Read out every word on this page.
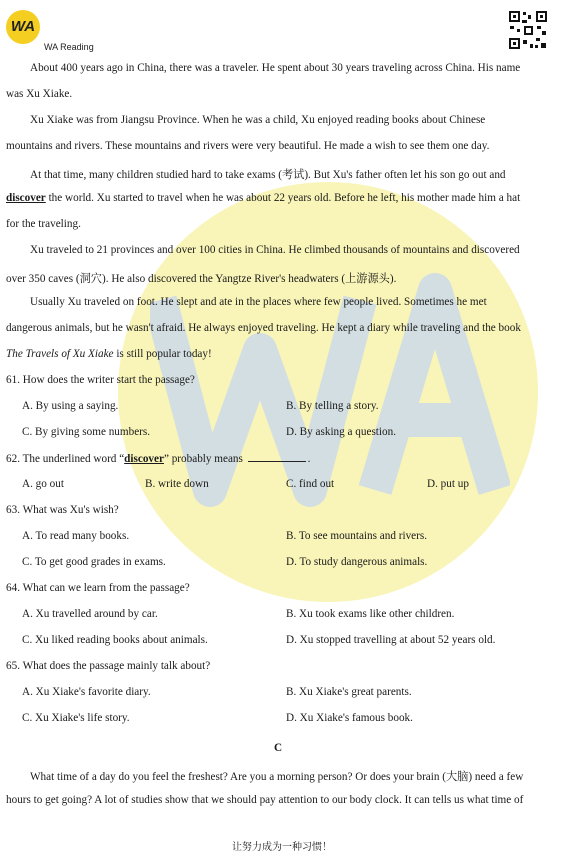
WA
WA Reading
About 400 years ago in China, there was a traveler. He spent about 30 years traveling across China. His name
was Xu Xiake.
Xu Xiake was from Jiangsu Province. When he was a child, Xu enjoyed reading books about Chinese
mountains and rivers. These mountains and rivers were very beautiful. He made a wish to see them one day.
At that time, many children studied hard to take exams (考试). But Xu's father often let his son go out and
discover the world. Xu started to travel when he was about 22 years old. Before he left, his mother made him a hat
for the traveling.
Xu traveled to 21 provinces and over 100 cities in China. He climbed thousands of mountains and discovered
over 350 caves (洞穴). He also discovered the Yangtze River's headwaters (上游源头).
Usually Xu traveled on foot. He slept and ate in the places where few people lived. Sometimes he met
dangerous animals, but he wasn't afraid. He always enjoyed traveling. He kept a diary while traveling and the book
The Travels of Xu Xiake is still popular today!
61. How does the writer start the passage?
A. By using a saying.	B. By telling a story.
C. By giving some numbers.	D. By asking a question.
62. The underlined word “discover” probably means	.
A. go out	B. write down	C. find out	D. put up
63. What was Xu's wish?
A. To read many books.	B. To see mountains and rivers.
C. To get good grades in exams.	D. To study dangerous animals.
64. What can we learn from the passage?
A. Xu travelled around by car.	B. Xu took exams like other children.
C. Xu liked reading books about animals.	D. Xu stopped travelling at about 52 years old.
65. What does the passage mainly talk about?
A. Xu Xiake's favorite diary.	B. Xu Xiake's great parents.
C. Xu Xiake's life story.	D. Xu Xiake's famous book.
C
What time of a day do you feel the freshest? Are you a morning person? Or does your brain (大脑) need a few
hours to get going? A lot of studies show that we should pay attention to our body clock. It can tells us what time of
让努力成为一种习惯！
